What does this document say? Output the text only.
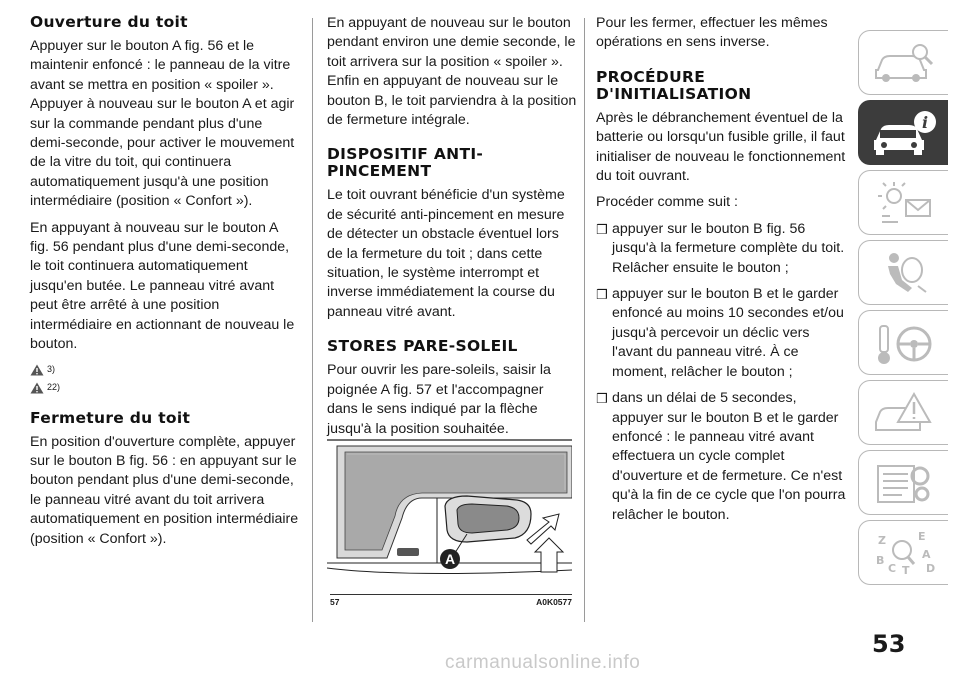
Ouverture du toit

Appuyer sur le bouton A fig. 56 et le maintenir enfoncé : le panneau de la vitre avant se mettra en position « spoiler ». Appuyer à nouveau sur le bouton A et agir sur la commande pendant plus d'une demi-seconde, pour activer le mouvement de la vitre du toit, qui continuera automatiquement jusqu'à une position intermédiaire (position « Confort »).

En appuyant à nouveau sur le bouton A fig. 56 pendant plus d'une demi-seconde, le toit continuera automatiquement jusqu'en butée. Le panneau vitré avant peut être arrêté à une position intermédiaire en actionnant de nouveau le bouton.

3)
22)
Fermeture du toit

En position d'ouverture complète, appuyer sur le bouton B fig. 56 : en appuyant sur le bouton pendant plus d'une demi-seconde, le panneau vitré avant du toit arrivera automatiquement en position intermédiaire (position « Confort »).

En appuyant de nouveau sur le bouton pendant environ une demie seconde, le toit arrivera sur la position « spoiler ». Enfin en appuyant de nouveau sur le bouton B, le toit parviendra à la position de fermeture intégrale.

DISPOSITIF ANTI-PINCEMENT

Le toit ouvrant bénéficie d'un système de sécurité anti-pincement en mesure de détecter un obstacle éventuel lors de la fermeture du toit ; dans cette situation, le système interrompt et inverse immédiatement la course du panneau vitré avant.

STORES PARE-SOLEIL

Pour ouvrir les pare-soleils, saisir la poignée A fig. 57 et l'accompagner dans le sens indiqué par la flèche jusqu'à la position souhaitée.

A
57	A0K0577

Pour les fermer, effectuer les mêmes opérations en sens inverse.

PROCÉDURE D'INITIALISATION

Après le débranchement éventuel de la batterie ou lorsqu'un fusible grille, il faut initialiser de nouveau le fonctionnement du toit ouvrant.

Procéder comme suit :

❒ appuyer sur le bouton B fig. 56 jusqu'à la fermeture complète du toit. Relâcher ensuite le bouton ;
❒ appuyer sur le bouton B et le garder enfoncé au moins 10 secondes et/ou jusqu'à percevoir un déclic vers l'avant du panneau vitré. À ce moment, relâcher le bouton ;
❒ dans un délai de 5 secondes, appuyer sur le bouton B et le garder enfoncé : le panneau vitré avant effectuera un cycle complet d'ouverture et de fermeture. Ce n'est qu'à la fin de ce cycle que l'on pourra relâcher le bouton.
i
Z	E
A
B
C T D
53
carmanualsonline.info
